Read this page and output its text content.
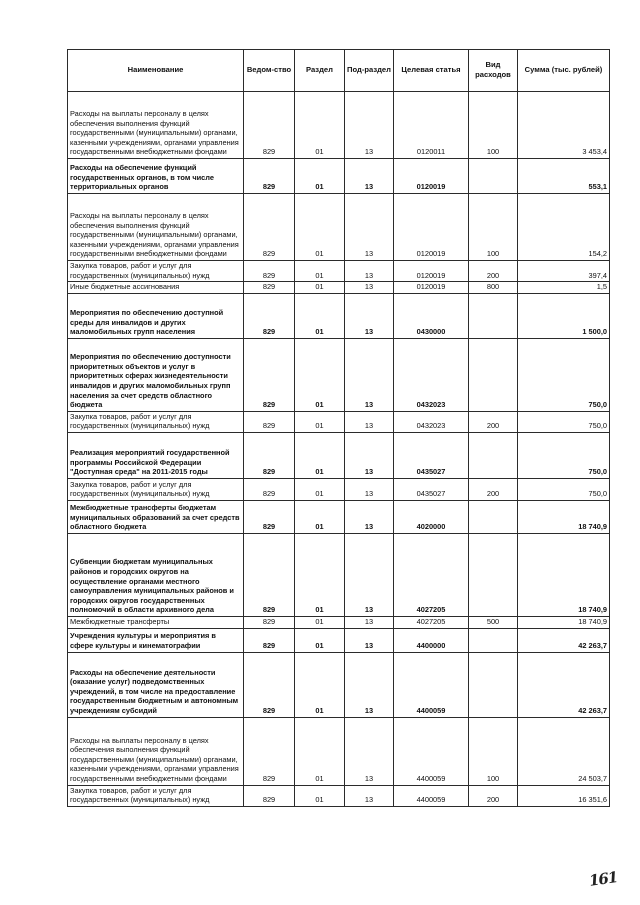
Наименование	Ведом-ство	Раздел	Под-раздел	Целевая статья	Вид расходов	Сумма (тыс. рублей)
Расходы на выплаты персоналу в целях обеспечения выполнения функций государственными (муниципальными) органами, казенными учреждениями, органами управления государственными внебюджетными фондами	829	01	13	0120011	100	3 453,4
Расходы на обеспечение функций государственных органов, в том числе территориальных органов	829	01	13	0120019		553,1
Расходы на выплаты персоналу в целях обеспечения выполнения функций государственными (муниципальными) органами, казенными учреждениями, органами управления государственными внебюджетными фондами	829	01	13	0120019	100	154,2
Закупка товаров, работ и услуг для государственных (муниципальных) нужд	829	01	13	0120019	200	397,4
Иные бюджетные ассигнования	829	01	13	0120019	800	1,5
Мероприятия по обеспечению доступной среды для инвалидов и других маломобильных групп населения	829	01	13	0430000		1 500,0
Мероприятия по обеспечению доступности приоритетных объектов и услуг в приоритетных сферах жизнедеятельности инвалидов и других маломобильных групп населения за счет средств областного бюджета	829	01	13	0432023		750,0
Закупка товаров, работ и услуг для государственных (муниципальных) нужд	829	01	13	0432023	200	750,0
Реализация мероприятий государственной программы Российской Федерации "Доступная среда" на 2011-2015 годы	829	01	13	0435027		750,0
Закупка товаров, работ и услуг для государственных (муниципальных) нужд	829	01	13	0435027	200	750,0
Межбюджетные трансферты бюджетам муниципальных образований за счет средств областного бюджета	829	01	13	4020000		18 740,9
Субвенции бюджетам муниципальных районов и городских округов на осуществление органами местного самоуправления муниципальных районов и городских округов государственных полномочий в области архивного дела	829	01	13	4027205		18 740,9
Межбюджетные трансферты	829	01	13	4027205	500	18 740,9
Учреждения культуры и мероприятия в сфере культуры и кинематографии	829	01	13	4400000		42 263,7
Расходы на обеспечение деятельности (оказание услуг) подведомственных учреждений, в том числе на предоставление государственным бюджетным и автономным учреждениям субсидий	829	01	13	4400059		42 263,7
Расходы на выплаты персоналу в целях обеспечения выполнения функций государственными (муниципальными) органами, казенными учреждениями, органами управления государственными внебюджетными фондами	829	01	13	4400059	100	24 503,7
Закупка товаров, работ и услуг для государственных (муниципальных) нужд	829	01	13	4400059	200	16 351,6
161
